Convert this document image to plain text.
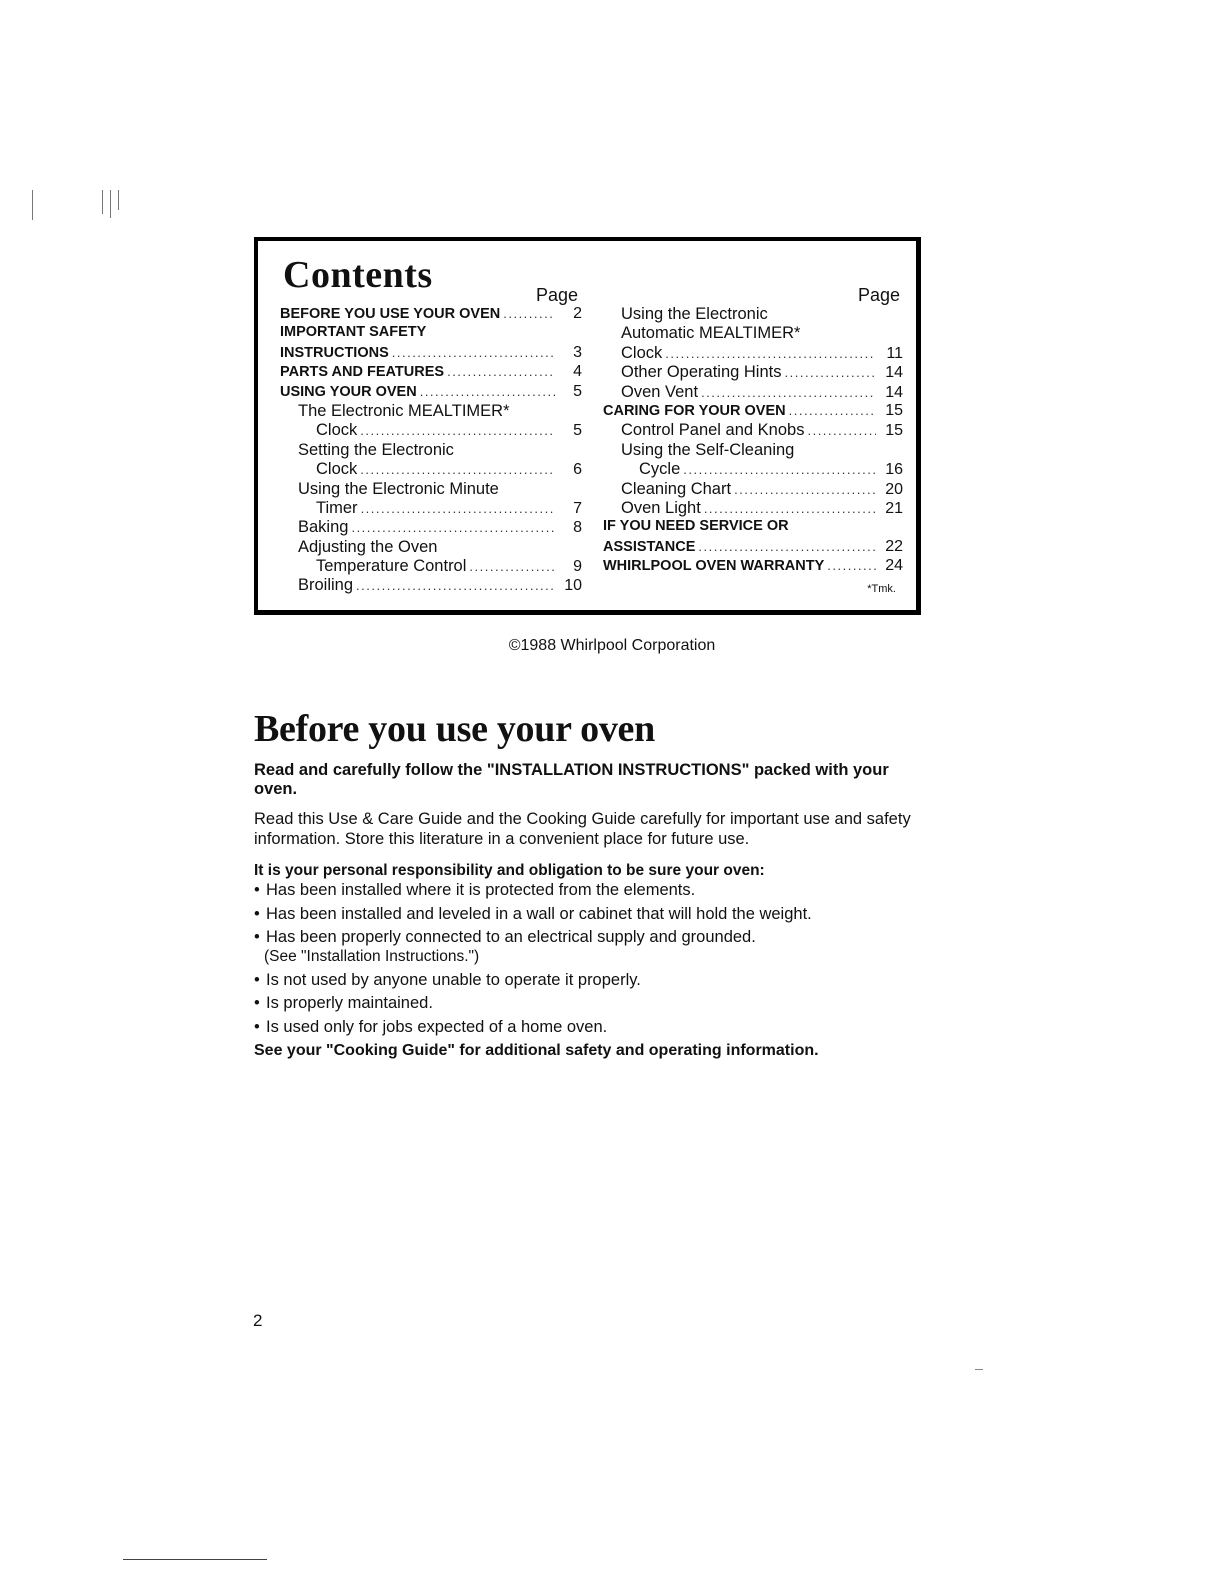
Contents	Page	Page
BEFORE YOU USE YOUR OVEN .....	2
IMPORTANT SAFETY
INSTRUCTIONS .....	3
PARTS AND FEATURES .....	4
USING YOUR OVEN .....	5
The Electronic MEALTIMER*
Clock .....	5
Setting the Electronic
Clock .....	6
Using the Electronic Minute
Timer .....	7
Baking .....	8
Adjusting the Oven
Temperature Control .....	9
Broiling .....	10
Using the Electronic
Automatic MEALTIMER*
Clock .....	11
Other Operating Hints .....	14
Oven Vent .....	14
CARING FOR YOUR OVEN .....	15
Control Panel and Knobs .....	15
Using the Self-Cleaning
Cycle .....	16
Cleaning Chart .....	20
Oven Light .....	21
IF YOU NEED SERVICE OR
ASSISTANCE .....	22
WHIRLPOOL OVEN WARRANTY .....	24
*Tmk.
©1988 Whirlpool Corporation
Before you use your oven

Read and carefully follow the "INSTALLATION INSTRUCTIONS" packed with your oven.

Read this Use & Care Guide and the Cooking Guide carefully for important use and safety information. Store this literature in a convenient place for future use.

It is your personal responsibility and obligation to be sure your oven:

• Has been installed where it is protected from the elements.
• Has been installed and leveled in a wall or cabinet that will hold the weight.
• Has been properly connected to an electrical supply and grounded.
(See "Installation Instructions.")
• Is not used by anyone unable to operate it properly.
• Is properly maintained.
• Is used only for jobs expected of a home oven.

See your "Cooking Guide" for additional safety and operating information.

2
